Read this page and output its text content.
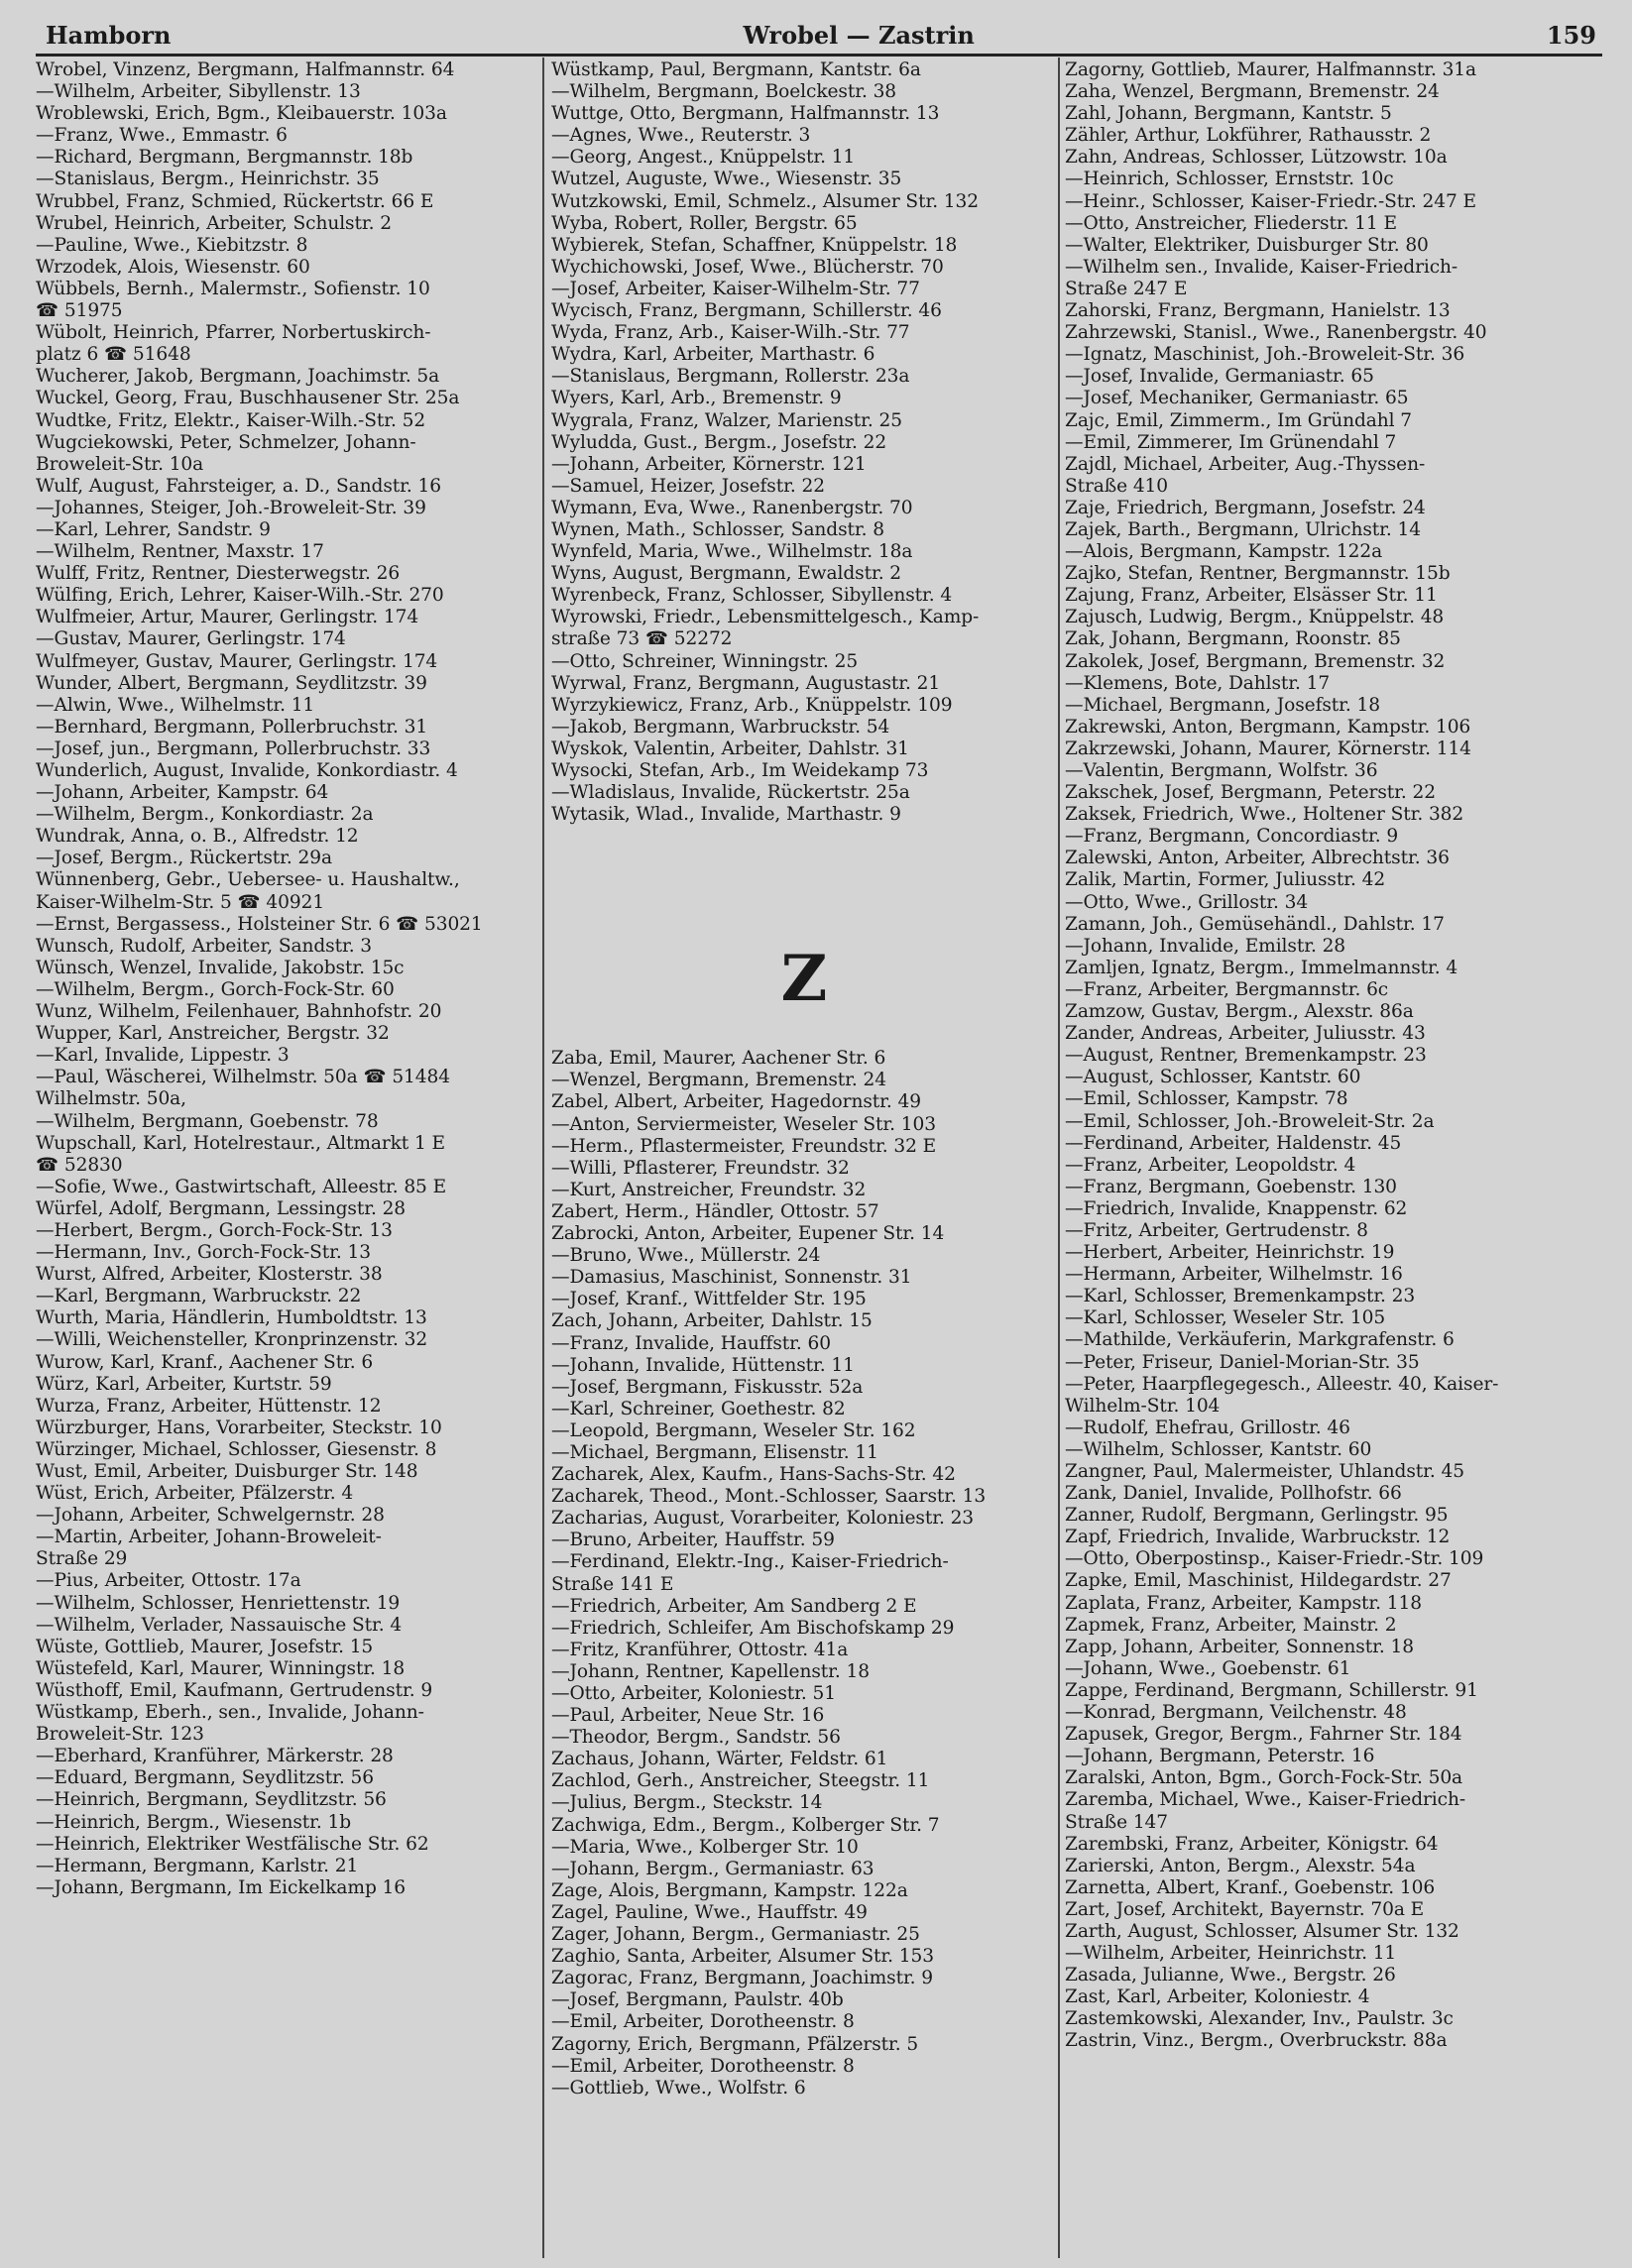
Hamborn	Wrobel — Zastrin	159
Wrobel, Vinzenz, Bergmann, Halfmannstr. 64
—Wilhelm, Arbeiter, Sibyllenstr. 13
Wroblewski, Erich, Bgm., Kleibauerstr. 103a
—Franz, Wwe., Emmastr. 6
—Richard, Bergmann, Bergmannstr. 18b
—Stanislaus, Bergm., Heinrichstr. 35
Wrubbel, Franz, Schmied, Rückertstr. 66 E
Wrubel, Heinrich, Arbeiter, Schulstr. 2
—Pauline, Wwe., Kiebitzstr. 8
Wrzodek, Alois, Wiesenstr. 60
Wübbels, Bernh., Malermstr., Sofienstr. 10
☎ 51975
Wübolt, Heinrich, Pfarrer, Norbertuskirch-
platz 6 ☎ 51648
Wucherer, Jakob, Bergmann, Joachimstr. 5a
Wuckel, Georg, Frau, Buschhausener Str. 25a
Wudtke, Fritz, Elektr., Kaiser-Wilh.-Str. 52
Wugciekowski, Peter, Schmelzer, Johann-
Broweleit-Str. 10a
Wulf, August, Fahrsteiger, a. D., Sandstr. 16
—Johannes, Steiger, Joh.-Broweleit-Str. 39
—Karl, Lehrer, Sandstr. 9
—Wilhelm, Rentner, Maxstr. 17
Wulff, Fritz, Rentner, Diesterwegstr. 26
Wülfing, Erich, Lehrer, Kaiser-Wilh.-Str. 270
Wulfmeier, Artur, Maurer, Gerlingstr. 174
—Gustav, Maurer, Gerlingstr. 174
Wulfmeyer, Gustav, Maurer, Gerlingstr. 174
Wunder, Albert, Bergmann, Seydlitzstr. 39
—Alwin, Wwe., Wilhelmstr. 11
—Bernhard, Bergmann, Pollerbruchstr. 31
—Josef, jun., Bergmann, Pollerbruchstr. 33
Wunderlich, August, Invalide, Konkordiastr. 4
—Johann, Arbeiter, Kampstr. 64
—Wilhelm, Bergm., Konkordiastr. 2a
Wundrak, Anna, o. B., Alfredstr. 12
—Josef, Bergm., Rückertstr. 29a
Wünnenberg, Gebr., Uebersee- u. Haushaltw.,
Kaiser-Wilhelm-Str. 5 ☎ 40921
—Ernst, Bergassess., Holsteiner Str. 6 ☎ 53021
Wunsch, Rudolf, Arbeiter, Sandstr. 3
Wünsch, Wenzel, Invalide, Jakobstr. 15c
—Wilhelm, Bergm., Gorch-Fock-Str. 60
Wunz, Wilhelm, Feilenhauer, Bahnhofstr. 20
Wupper, Karl, Anstreicher, Bergstr. 32
—Karl, Invalide, Lippestr. 3
—Paul, Wäscherei, Wilhelmstr. 50a ☎ 51484
Wilhelmstr. 50a,
—Wilhelm, Bergmann, Goebenstr. 78
Wupschall, Karl, Hotelrestaur., Altmarkt 1 E
☎ 52830
—Sofie, Wwe., Gastwirtschaft, Alleestr. 85 E
Würfel, Adolf, Bergmann, Lessingstr. 28
—Herbert, Bergm., Gorch-Fock-Str. 13
—Hermann, Inv., Gorch-Fock-Str. 13
Wurst, Alfred, Arbeiter, Klosterstr. 38
—Karl, Bergmann, Warbruckstr. 22
Wurth, Maria, Händlerin, Humboldtstr. 13
—Willi, Weichensteller, Kronprinzenstr. 32
Wurow, Karl, Kranf., Aachener Str. 6
Würz, Karl, Arbeiter, Kurtstr. 59
Wurza, Franz, Arbeiter, Hüttenstr. 12
Würzburger, Hans, Vorarbeiter, Steckstr. 10
Würzinger, Michael, Schlosser, Giesenstr. 8
Wust, Emil, Arbeiter, Duisburger Str. 148
Wüst, Erich, Arbeiter, Pfälzerstr. 4
—Johann, Arbeiter, Schwelgernstr. 28
—Martin, Arbeiter, Johann-Broweleit-
Straße 29
—Pius, Arbeiter, Ottostr. 17a
—Wilhelm, Schlosser, Henriettenstr. 19
—Wilhelm, Verlader, Nassauische Str. 4
Wüste, Gottlieb, Maurer, Josefstr. 15
Wüstefeld, Karl, Maurer, Winningstr. 18
Wüsthoff, Emil, Kaufmann, Gertrudenstr. 9
Wüstkamp, Eberh., sen., Invalide, Johann-
Broweleit-Str. 123
—Eberhard, Kranführer, Märkerstr. 28
—Eduard, Bergmann, Seydlitzstr. 56
—Heinrich, Bergmann, Seydlitzstr. 56
—Heinrich, Bergm., Wiesenstr. 1b
—Heinrich, Elektriker Westfälische Str. 62
—Hermann, Bergmann, Karlstr. 21
—Johann, Bergmann, Im Eickelkamp 16
Wüstkamp, Paul, Bergmann, Kantstr. 6a
—Wilhelm, Bergmann, Boelckestr. 38
Wuttge, Otto, Bergmann, Halfmannstr. 13
—Agnes, Wwe., Reuterstr. 3
—Georg, Angest., Knüppelstr. 11
Wutzel, Auguste, Wwe., Wiesenstr. 35
Wutzkowski, Emil, Schmelz., Alsumer Str. 132
Wyba, Robert, Roller, Bergstr. 65
Wybierek, Stefan, Schaffner, Knüppelstr. 18
Wychichowski, Josef, Wwe., Blücherstr. 70
—Josef, Arbeiter, Kaiser-Wilhelm-Str. 77
Wycisch, Franz, Bergmann, Schillerstr. 46
Wyda, Franz, Arb., Kaiser-Wilh.-Str. 77
Wydra, Karl, Arbeiter, Marthastr. 6
—Stanislaus, Bergmann, Rollerstr. 23a
Wyers, Karl, Arb., Bremenstr. 9
Wygrala, Franz, Walzer, Marienstr. 25
Wyludda, Gust., Bergm., Josefstr. 22
—Johann, Arbeiter, Körnerstr. 121
—Samuel, Heizer, Josefstr. 22
Wymann, Eva, Wwe., Ranenbergstr. 70
Wynen, Math., Schlosser, Sandstr. 8
Wynfeld, Maria, Wwe., Wilhelmstr. 18a
Wyns, August, Bergmann, Ewaldstr. 2
Wyrenbeck, Franz, Schlosser, Sibyllenstr. 4
Wyrowski, Friedr., Lebensmittelgesch., Kamp-
straße 73 ☎ 52272
—Otto, Schreiner, Winningstr. 25
Wyrwal, Franz, Bergmann, Augustastr. 21
Wyrzykiewicz, Franz, Arb., Knüppelstr. 109
—Jakob, Bergmann, Warbruckstr. 54
Wyskok, Valentin, Arbeiter, Dahlstr. 31
Wysocki, Stefan, Arb., Im Weidekamp 73
—Wladislaus, Invalide, Rückertstr. 25a
Wytasik, Wlad., Invalide, Marthastr. 9
Z
Zaba, Emil, Maurer, Aachener Str. 6
—Wenzel, Bergmann, Bremenstr. 24
Zabel, Albert, Arbeiter, Hagedornstr. 49
—Anton, Serviermeister, Weseler Str. 103
—Herm., Pflastermeister, Freundstr. 32 E
—Willi, Pflasterer, Freundstr. 32
—Kurt, Anstreicher, Freundstr. 32
Zabert, Herm., Händler, Ottostr. 57
Zabrocki, Anton, Arbeiter, Eupener Str. 14
—Bruno, Wwe., Müllerstr. 24
—Damasius, Maschinist, Sonnenstr. 31
—Josef, Kranf., Wittfelder Str. 195
Zach, Johann, Arbeiter, Dahlstr. 15
—Franz, Invalide, Hauffstr. 60
—Johann, Invalide, Hüttenstr. 11
—Josef, Bergmann, Fiskusstr. 52a
—Karl, Schreiner, Goethestr. 82
—Leopold, Bergmann, Weseler Str. 162
—Michael, Bergmann, Elisenstr. 11
Zacharek, Alex, Kaufm., Hans-Sachs-Str. 42
Zacharek, Theod., Mont.-Schlosser, Saarstr. 13
Zacharias, August, Vorarbeiter, Koloniestr. 23
—Bruno, Arbeiter, Hauffstr. 59
—Ferdinand, Elektr.-Ing., Kaiser-Friedrich-
Straße 141 E
—Friedrich, Arbeiter, Am Sandberg 2 E
—Friedrich, Schleifer, Am Bischofskamp 29
—Fritz, Kranführer, Ottostr. 41a
—Johann, Rentner, Kapellenstr. 18
—Otto, Arbeiter, Koloniestr. 51
—Paul, Arbeiter, Neue Str. 16
—Theodor, Bergm., Sandstr. 56
Zachaus, Johann, Wärter, Feldstr. 61
Zachlod, Gerh., Anstreicher, Steegstr. 11
—Julius, Bergm., Steckstr. 14
Zachwiga, Edm., Bergm., Kolberger Str. 7
—Maria, Wwe., Kolberger Str. 10
—Johann, Bergm., Germaniastr. 63
Zage, Alois, Bergmann, Kampstr. 122a
Zagel, Pauline, Wwe., Hauffstr. 49
Zager, Johann, Bergm., Germaniastr. 25
Zaghio, Santa, Arbeiter, Alsumer Str. 153
Zagorac, Franz, Bergmann, Joachimstr. 9
—Josef, Bergmann, Paulstr. 40b
—Emil, Arbeiter, Dorotheenstr. 8
Zagorny, Erich, Bergmann, Pfälzerstr. 5
—Emil, Arbeiter, Dorotheenstr. 8
—Gottlieb, Wwe., Wolfstr. 6
Zagorny, Gottlieb, Maurer, Halfmannstr. 31a
Zaha, Wenzel, Bergmann, Bremenstr. 24
Zahl, Johann, Bergmann, Kantstr. 5
Zähler, Arthur, Lokführer, Rathausstr. 2
Zahn, Andreas, Schlosser, Lützowstr. 10a
—Heinrich, Schlosser, Ernststr. 10c
—Heinr., Schlosser, Kaiser-Friedr.-Str. 247 E
—Otto, Anstreicher, Fliederstr. 11 E
—Walter, Elektriker, Duisburger Str. 80
—Wilhelm sen., Invalide, Kaiser-Friedrich-
Straße 247 E
Zahorski, Franz, Bergmann, Hanielstr. 13
Zahrzewski, Stanisl., Wwe., Ranenbergstr. 40
—Ignatz, Maschinist, Joh.-Broweleit-Str. 36
—Josef, Invalide, Germaniastr. 65
—Josef, Mechaniker, Germaniastr. 65
Zajc, Emil, Zimmerm., Im Gründahl 7
—Emil, Zimmerer, Im Grünendahl 7
Zajdl, Michael, Arbeiter, Aug.-Thyssen-
Straße 410
Zaje, Friedrich, Bergmann, Josefstr. 24
Zajek, Barth., Bergmann, Ulrichstr. 14
—Alois, Bergmann, Kampstr. 122a
Zajko, Stefan, Rentner, Bergmannstr. 15b
Zajung, Franz, Arbeiter, Elsässer Str. 11
Zajusch, Ludwig, Bergm., Knüppelstr. 48
Zak, Johann, Bergmann, Roonstr. 85
Zakolek, Josef, Bergmann, Bremenstr. 32
—Klemens, Bote, Dahlstr. 17
—Michael, Bergmann, Josefstr. 18
Zakrewski, Anton, Bergmann, Kampstr. 106
Zakrzewski, Johann, Maurer, Körnerstr. 114
—Valentin, Bergmann, Wolfstr. 36
Zakschek, Josef, Bergmann, Peterstr. 22
Zaksek, Friedrich, Wwe., Holtener Str. 382
—Franz, Bergmann, Concordiastr. 9
Zalewski, Anton, Arbeiter, Albrechtstr. 36
Zalik, Martin, Former, Juliusstr. 42
—Otto, Wwe., Grillostr. 34
Zamann, Joh., Gemüsehändl., Dahlstr. 17
—Johann, Invalide, Emilstr. 28
Zamljen, Ignatz, Bergm., Immelmannstr. 4
—Franz, Arbeiter, Bergmannstr. 6c
Zamzow, Gustav, Bergm., Alexstr. 86a
Zander, Andreas, Arbeiter, Juliusstr. 43
—August, Rentner, Bremenkampstr. 23
—August, Schlosser, Kantstr. 60
—Emil, Schlosser, Kampstr. 78
—Emil, Schlosser, Joh.-Broweleit-Str. 2a
—Ferdinand, Arbeiter, Haldenstr. 45
—Franz, Arbeiter, Leopoldstr. 4
—Franz, Bergmann, Goebenstr. 130
—Friedrich, Invalide, Knappenstr. 62
—Fritz, Arbeiter, Gertrudenstr. 8
—Herbert, Arbeiter, Heinrichstr. 19
—Hermann, Arbeiter, Wilhelmstr. 16
—Karl, Schlosser, Bremenkampstr. 23
—Karl, Schlosser, Weseler Str. 105
—Mathilde, Verkäuferin, Markgrafenstr. 6
—Peter, Friseur, Daniel-Morian-Str. 35
—Peter, Haarpflegegesch., Alleestr. 40, Kaiser-
Wilhelm-Str. 104
—Rudolf, Ehefrau, Grillostr. 46
—Wilhelm, Schlosser, Kantstr. 60
Zangner, Paul, Malermeister, Uhlandstr. 45
Zank, Daniel, Invalide, Pollhofstr. 66
Zanner, Rudolf, Bergmann, Gerlingstr. 95
Zapf, Friedrich, Invalide, Warbruckstr. 12
—Otto, Oberpostinsp., Kaiser-Friedr.-Str. 109
Zapke, Emil, Maschinist, Hildegardstr. 27
Zaplata, Franz, Arbeiter, Kampstr. 118
Zapmek, Franz, Arbeiter, Mainstr. 2
Zapp, Johann, Arbeiter, Sonnenstr. 18
—Johann, Wwe., Goebenstr. 61
Zappe, Ferdinand, Bergmann, Schillerstr. 91
—Konrad, Bergmann, Veilchenstr. 48
Zapusek, Gregor, Bergm., Fahrner Str. 184
—Johann, Bergmann, Peterstr. 16
Zaralski, Anton, Bgm., Gorch-Fock-Str. 50a
Zaremba, Michael, Wwe., Kaiser-Friedrich-
Straße 147
Zarembski, Franz, Arbeiter, Königstr. 64
Zarierski, Anton, Bergm., Alexstr. 54a
Zarnetta, Albert, Kranf., Goebenstr. 106
Zart, Josef, Architekt, Bayernstr. 70a E
Zarth, August, Schlosser, Alsumer Str. 132
—Wilhelm, Arbeiter, Heinrichstr. 11
Zasada, Julianne, Wwe., Bergstr. 26
Zast, Karl, Arbeiter, Koloniestr. 4
Zastemkowski, Alexander, Inv., Paulstr. 3c
Zastrin, Vinz., Bergm., Overbruckstr. 88a
